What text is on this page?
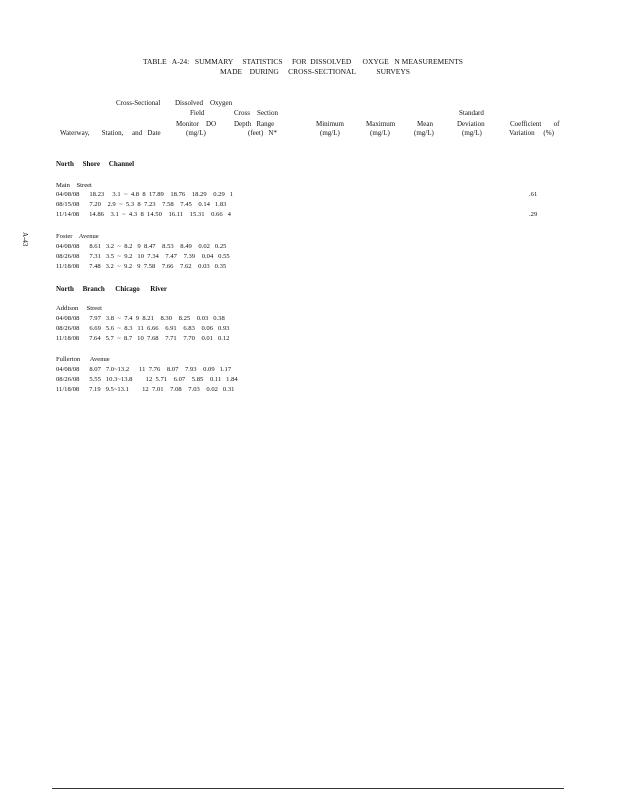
TABLE   A-24:   SUMMARY     STATISTICS     FOR  DISSOLVED      OXYGE   N MEASUREMENTS
MADE    DURING     CROSS-SECTIONAL           SURVEYS
A-43
Cross-Sectional Dissolved    Oxygen
Field
Monitor    DO
(mg/L)
Cross    Section
Depth   Range
(feet)   N*
Waterway,       Station,     and   Date
Minimum
(mg/L)
Maximum
(mg/L)
Mean
(mg/L)
Standard
Deviation
(mg/L)
Coefficient       of
Variation     (%)
North     Shore     Channel
Main    Street
04/08/08      18.23     3.1  ~  4.8  8  17.89    18.76    18.29    0.29   1
08/15/08      7.20    2.9  ~  5.3  8  7.23    7.58    7.45    0.14   1.83
11/14/08      14.86    3.1  ~  4.3  8  14.50    16.11    15.31    0.66   4
.61
.29
Foster    Avenue
04/08/08      8.61   3.2  ~  8.2   9  8.47    8.53    8.49    0.02   0.25
08/26/08      7.31   3.5  ~  9.2   10  7.34    7.47    7.39    0.04   0.55
11/18/08      7.48   3.2  ~  9.2   9  7.58    7.66    7.62    0.03   0.35
North     Branch      Chicago      River
Addison     Street
04/08/08      7.97   3.8  ~  7.4  9  8.21    8.30    8.25    0.03   0.38
08/26/08      6.69   5.6  ~  8.3   11  6.66    6.91    6.83    0.06   0.93
11/18/08      7.64   5.7  ~  8.7   10  7.68    7.71    7.70    0.01   0.12
Fullerton      Avenue
04/08/08      8.07   7.0~13.2      11  7.76    8.07    7.93    0.09   1.17
08/26/08      5.55   10.3~13.8        12  5.71    6.07    5.85    0.11   1.84
11/18/08      7.19   9.5~13.1        12  7.01    7.08    7.03    0.02   0.31
